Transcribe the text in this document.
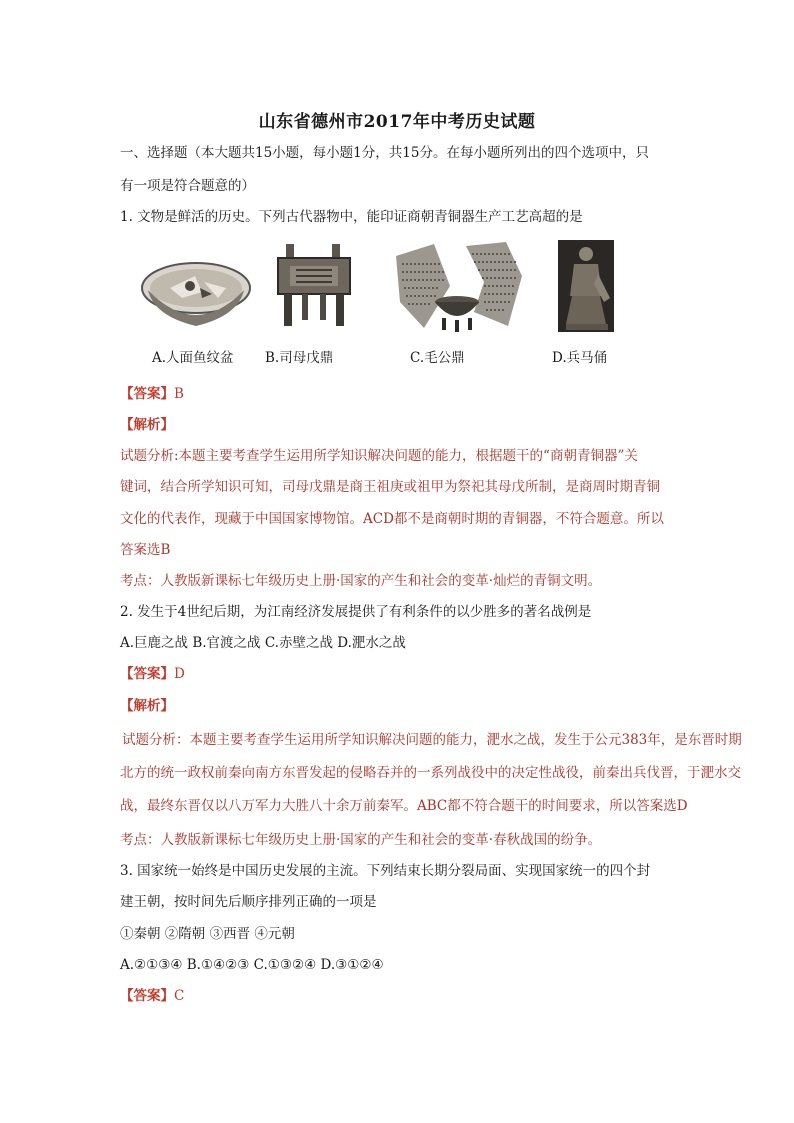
山东省德州市2017年中考历史试题
一、选择题（本大题共15小题，每小题1分，共15分。在每小题所列出的四个选项中，只
有一项是符合题意的）
1. 文物是鲜活的历史。下列古代器物中，能印证商朝青铜器生产工艺高超的是
A.人面鱼纹盆 B.司母戊鼎	C.毛公鼎	D.兵马俑
【答案】B
【解析】
试题分析:本题主要考查学生运用所学知识解决问题的能力，根据题干的“商朝青铜器”关
键词，结合所学知识可知，司母戊鼎是商王祖庚或祖甲为祭祀其母戊所制，是商周时期青铜
文化的代表作，现藏于中国国家博物馆。ACD都不是商朝时期的青铜器，不符合题意。所以
答案选B
考点：人教版新课标七年级历史上册·国家的产生和社会的变革·灿烂的青铜文明。
2. 发生于4世纪后期，为江南经济发展提供了有利条件的以少胜多的著名战例是
A.巨鹿之战 B.官渡之战 C.赤壁之战 D.淝水之战
【答案】D
【解析】
试题分析：本题主要考查学生运用所学知识解决问题的能力，淝水之战，发生于公元383年，是东晋时期
北方的统一政权前秦向南方东晋发起的侵略吞并的一系列战役中的决定性战役，前秦出兵伐晋，于淝水交
战，最终东晋仅以八万军力大胜八十余万前秦军。ABC都不符合题干的时间要求，所以答案选D
考点：人教版新课标七年级历史上册·国家的产生和社会的变革·春秋战国的纷争。
3. 国家统一始终是中国历史发展的主流。下列结束长期分裂局面、实现国家统一的四个封
建王朝，按时间先后顺序排列正确的一项是
①秦朝 ②隋朝 ③西晋 ④元朝
A.②①③④ B.①④②③ C.①③②④ D.③①②④
【答案】C
